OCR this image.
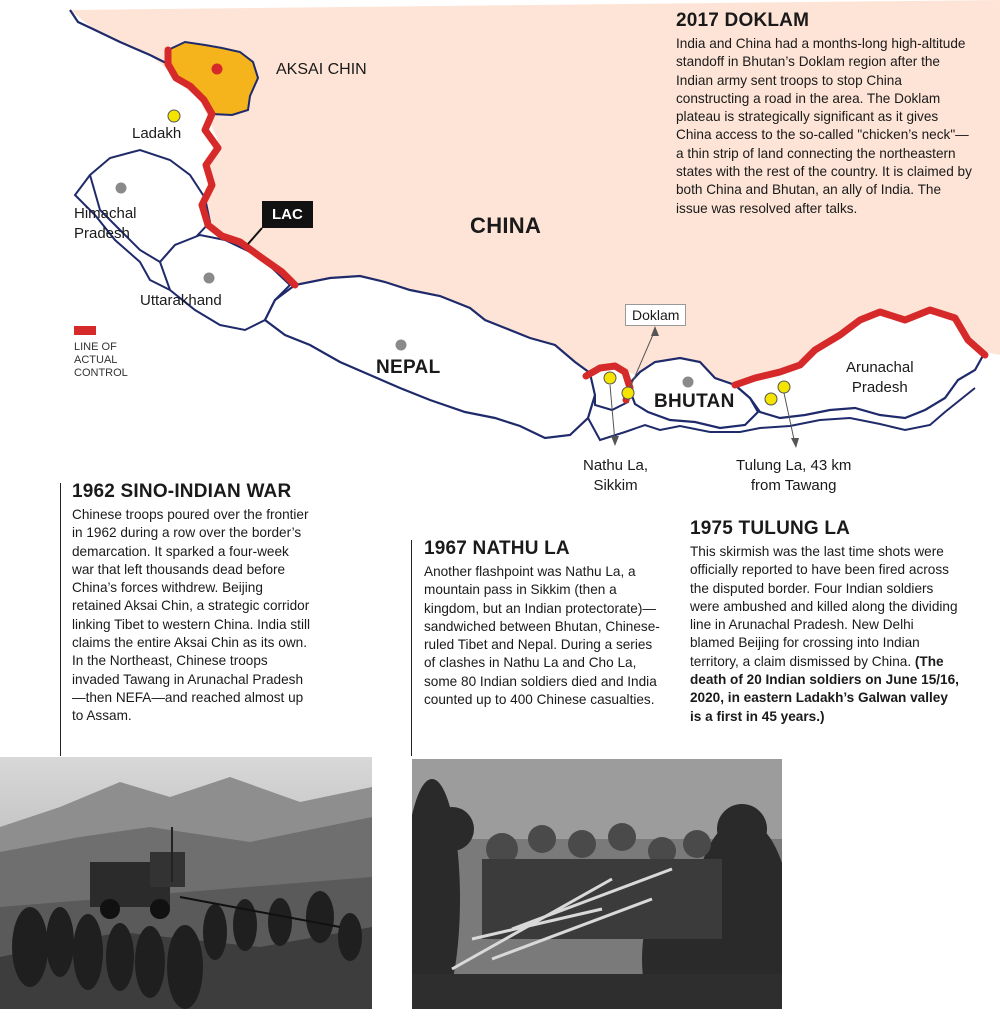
AKSAI CHIN
Ladakh
Himachal
Pradesh
Uttarakhand
Arunachal
Pradesh
CHINA
NEPAL
BHUTAN
LAC
Doklam
Nathu La,
Sikkim
Tulung La, 43 km
from Tawang
LINE OF
ACTUAL
CONTROL
2017 DOKLAM

India and China had a months-long high-altitude standoff in Bhutan’s Doklam region after the Indian army sent troops to stop China constructing a road in the area. The Doklam plateau is strategically significant as it gives China access to the so-called "chicken’s neck"—a thin strip of land connecting the northeastern states with the rest of the country. It is claimed by both China and Bhutan, an ally of India. The issue was resolved after talks.

1962 SINO-INDIAN WAR

Chinese troops poured over the frontier in 1962 during a row over the border’s demarcation. It sparked a four-week war that left thousands dead before China’s forces withdrew. Beijing retained Aksai Chin, a strategic corridor linking Tibet to western China. India still claims the entire Aksai Chin as its own. In the Northeast, Chinese troops invaded Tawang in Arunachal Pradesh—then NEFA—and reached almost up to Assam.

1967 NATHU LA

Another flashpoint was Nathu La, a mountain pass in Sikkim (then a kingdom, but an Indian protectorate)—sandwiched between Bhutan, Chinese-ruled Tibet and Nepal. During a series of clashes in Nathu La and Cho La, some 80 Indian soldiers died and India counted up to 400 Chinese casualties.

1975 TULUNG LA

This skirmish was the last time shots were officially reported to have been fired across the disputed border. Four Indian soldiers were ambushed and killed along the dividing line in Arunachal Pradesh. New Delhi blamed Beijing for crossing into Indian territory, a claim dismissed by China. (The death of 20 Indian soldiers on June 15/16, 2020, in eastern Ladakh’s Galwan valley is a first in 45 years.)
